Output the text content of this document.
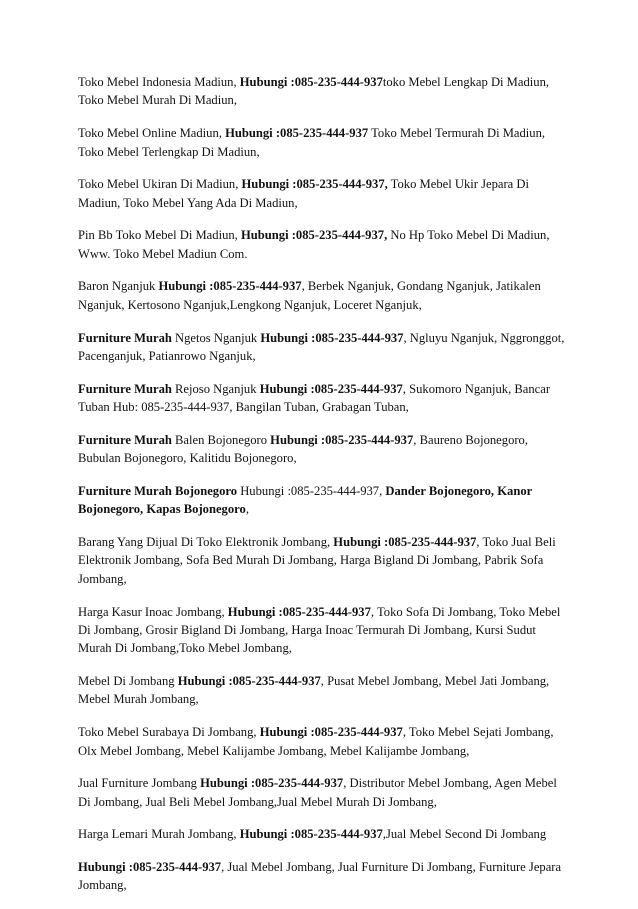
Toko Mebel Indonesia Madiun, Hubungi :085-235-444-937toko Mebel Lengkap Di Madiun, Toko Mebel Murah Di Madiun,

Toko Mebel Online Madiun, Hubungi :085-235-444-937 Toko Mebel Termurah Di Madiun, Toko Mebel Terlengkap Di Madiun,

Toko Mebel Ukiran Di Madiun, Hubungi :085-235-444-937, Toko Mebel Ukir Jepara Di Madiun, Toko Mebel Yang Ada Di Madiun,

Pin Bb Toko Mebel Di Madiun, Hubungi :085-235-444-937, No Hp Toko Mebel Di Madiun, Www. Toko Mebel Madiun Com.

Baron Nganjuk Hubungi :085-235-444-937, Berbek Nganjuk, Gondang Nganjuk, Jatikalen Nganjuk, Kertosono Nganjuk,Lengkong Nganjuk, Loceret Nganjuk,

Furniture Murah Ngetos Nganjuk Hubungi :085-235-444-937, Ngluyu Nganjuk, Nggronggot, Pacenganjuk, Patianrowo Nganjuk,

Furniture Murah Rejoso Nganjuk Hubungi :085-235-444-937, Sukomoro Nganjuk, Bancar Tuban Hub: 085-235-444-937, Bangilan Tuban, Grabagan Tuban,

Furniture Murah Balen Bojonegoro Hubungi :085-235-444-937, Baureno Bojonegoro, Bubulan Bojonegoro, Kalitidu Bojonegoro,

Furniture Murah Bojonegoro Hubungi :085-235-444-937, Dander Bojonegoro, Kanor Bojonegoro, Kapas Bojonegoro,

Barang Yang Dijual Di Toko Elektronik Jombang, Hubungi :085-235-444-937, Toko Jual Beli Elektronik Jombang, Sofa Bed Murah Di Jombang, Harga Bigland Di Jombang, Pabrik Sofa Jombang,

Harga Kasur Inoac Jombang, Hubungi :085-235-444-937, Toko Sofa Di Jombang, Toko Mebel Di Jombang, Grosir Bigland Di Jombang, Harga Inoac Termurah Di Jombang, Kursi Sudut Murah Di Jombang,Toko Mebel Jombang,

Mebel Di Jombang Hubungi :085-235-444-937, Pusat Mebel Jombang, Mebel Jati Jombang, Mebel Murah Jombang,

Toko Mebel Surabaya Di Jombang, Hubungi :085-235-444-937, Toko Mebel Sejati Jombang, Olx Mebel Jombang, Mebel Kalijambe Jombang, Mebel Kalijambe Jombang,

Jual Furniture Jombang Hubungi :085-235-444-937, Distributor Mebel Jombang, Agen Mebel Di Jombang, Jual Beli Mebel Jombang,Jual Mebel Murah Di Jombang,

Harga Lemari Murah Jombang, Hubungi :085-235-444-937,Jual Mebel Second Di Jombang

Hubungi :085-235-444-937, Jual Mebel Jombang, Jual Furniture Di Jombang, Furniture Jepara Jombang,
